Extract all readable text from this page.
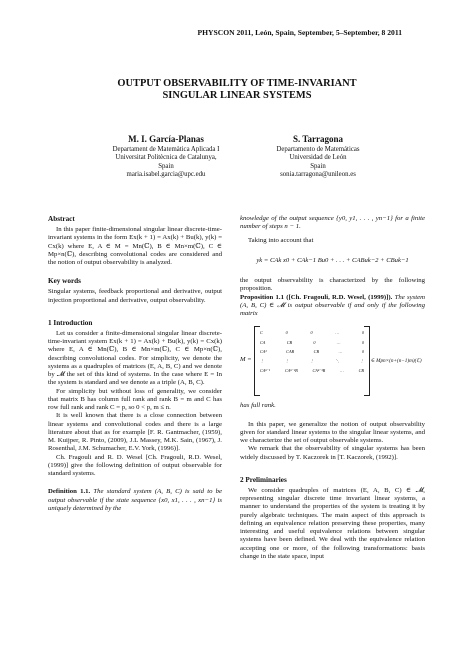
PHYSCON 2011, León, Spain, September, 5–September, 8 2011
OUTPUT OBSERVABILITY OF TIME-INVARIANT
SINGULAR LINEAR SYSTEMS
M. I. García-Planas
Departament de Matemàtica Aplicada I
Universitat Politècnica de Catalunya,
Spain
maria.isabel.garcia@upc.edu
S. Tarragona
Departamento de Matemáticas
Universidad de León
Spain
sonia.tarragona@unileon.es
Abstract

In this paper finite-dimensional singular linear discrete-time-invariant systems in the form Ex(k + 1) = Ax(k) + Bu(k), y(k) = Cx(k) where E, A ∈ M = Mn(ℂ), B ∈ Mn×m(ℂ), C ∈ Mp×n(ℂ), describing convolutional codes are considered and the notion of output observability is analyzed.

Key words

Singular systems, feedback proportional and derivative, output injection proportional and derivative, output observability.

1 Introduction

Let us consider a finite-dimensional singular linear discrete-time-invariant system Ex(k + 1) = Ax(k) + Bu(k), y(k) = Cx(k) where E, A ∈ Mn(ℂ), B ∈ Mn×m(ℂ), C ∈ Mp×n(ℂ), describing convolutional codes. For simplicity, we denote the systems as a quadruples of matrices (E, A, B, C) and we denote by 𝓜 the set of this kind of systems. In the case where E = In the system is standard and we denote as a triple (A, B, C).

For simplicity but without loss of generality, we consider that matrix B has column full rank and rank B = m and C has row full rank and rank C = p, so 0 < p, m ≤ n.

It is well known that there is a close connection between linear systems and convolutional codes and there is a large literature about that as for example [F. R. Gantmacher, (1959), M. Kuijper, R. Pinto, (2009), J.L Massey, M.K. Sain, (1967), J. Rosenthal, J.M. Schumacher, E.V. York, (1996)].

Ch. Fragouli and R. D. Wesel [Ch. Fragouli, R.D. Wesel, (1999)] give the following definition of output observable for standard systems.

Definition 1.1. The standard system (A, B, C) is said to be output observable if the state sequence {x0, x1, . . . , xn−1} is uniquely determined by the

knowledge of the output sequence {y0, y1, . . . , yn−1} for a finite number of steps n − 1.

Taking into account that

yk = CAk x0 + CAk−1 Bu0 + . . . + CABuk−2 + CBuk−1

the output observability is characterized by the following proposition.

Proposition 1.1 ([Ch. Fragouli, R.D. Wesel, (1999)]). The system (A, B, C) ∈ 𝓜 is output observable if and only if the following matrix

M =
C	0	0	…	0
CA	CB	0	…	0
CA²	CAB	CB	…	0
⋮	⋮	⋮	⋱	⋮
CAⁿ⁻¹	CAⁿ⁻²B	CAⁿ⁻³B	…	CB
∈ Mpn×(n+(n−1)m)(ℂ)

has full rank.

In this paper, we generalize the notion of output observability given for standard linear systems to the singular linear systems, and we characterize the set of output observable systems.

We remark that the observability of singular systems has been widely discussed by T. Kaczorek in [T. Kaczorek, (1992)].

2 Preliminaries

We consider quadruples of matrices (E, A, B, C) ∈ 𝓜, representing singular discrete time invariant linear systems, a manner to understand the properties of the system is treating it by purely algebraic techniques. The main aspect of this approach is defining an equivalence relation preserving these properties, many interesting and useful equivalence relations between singular systems have been defined. We deal with the equivalence relation accepting one or more, of the following transformations: basis change in the state space, input
